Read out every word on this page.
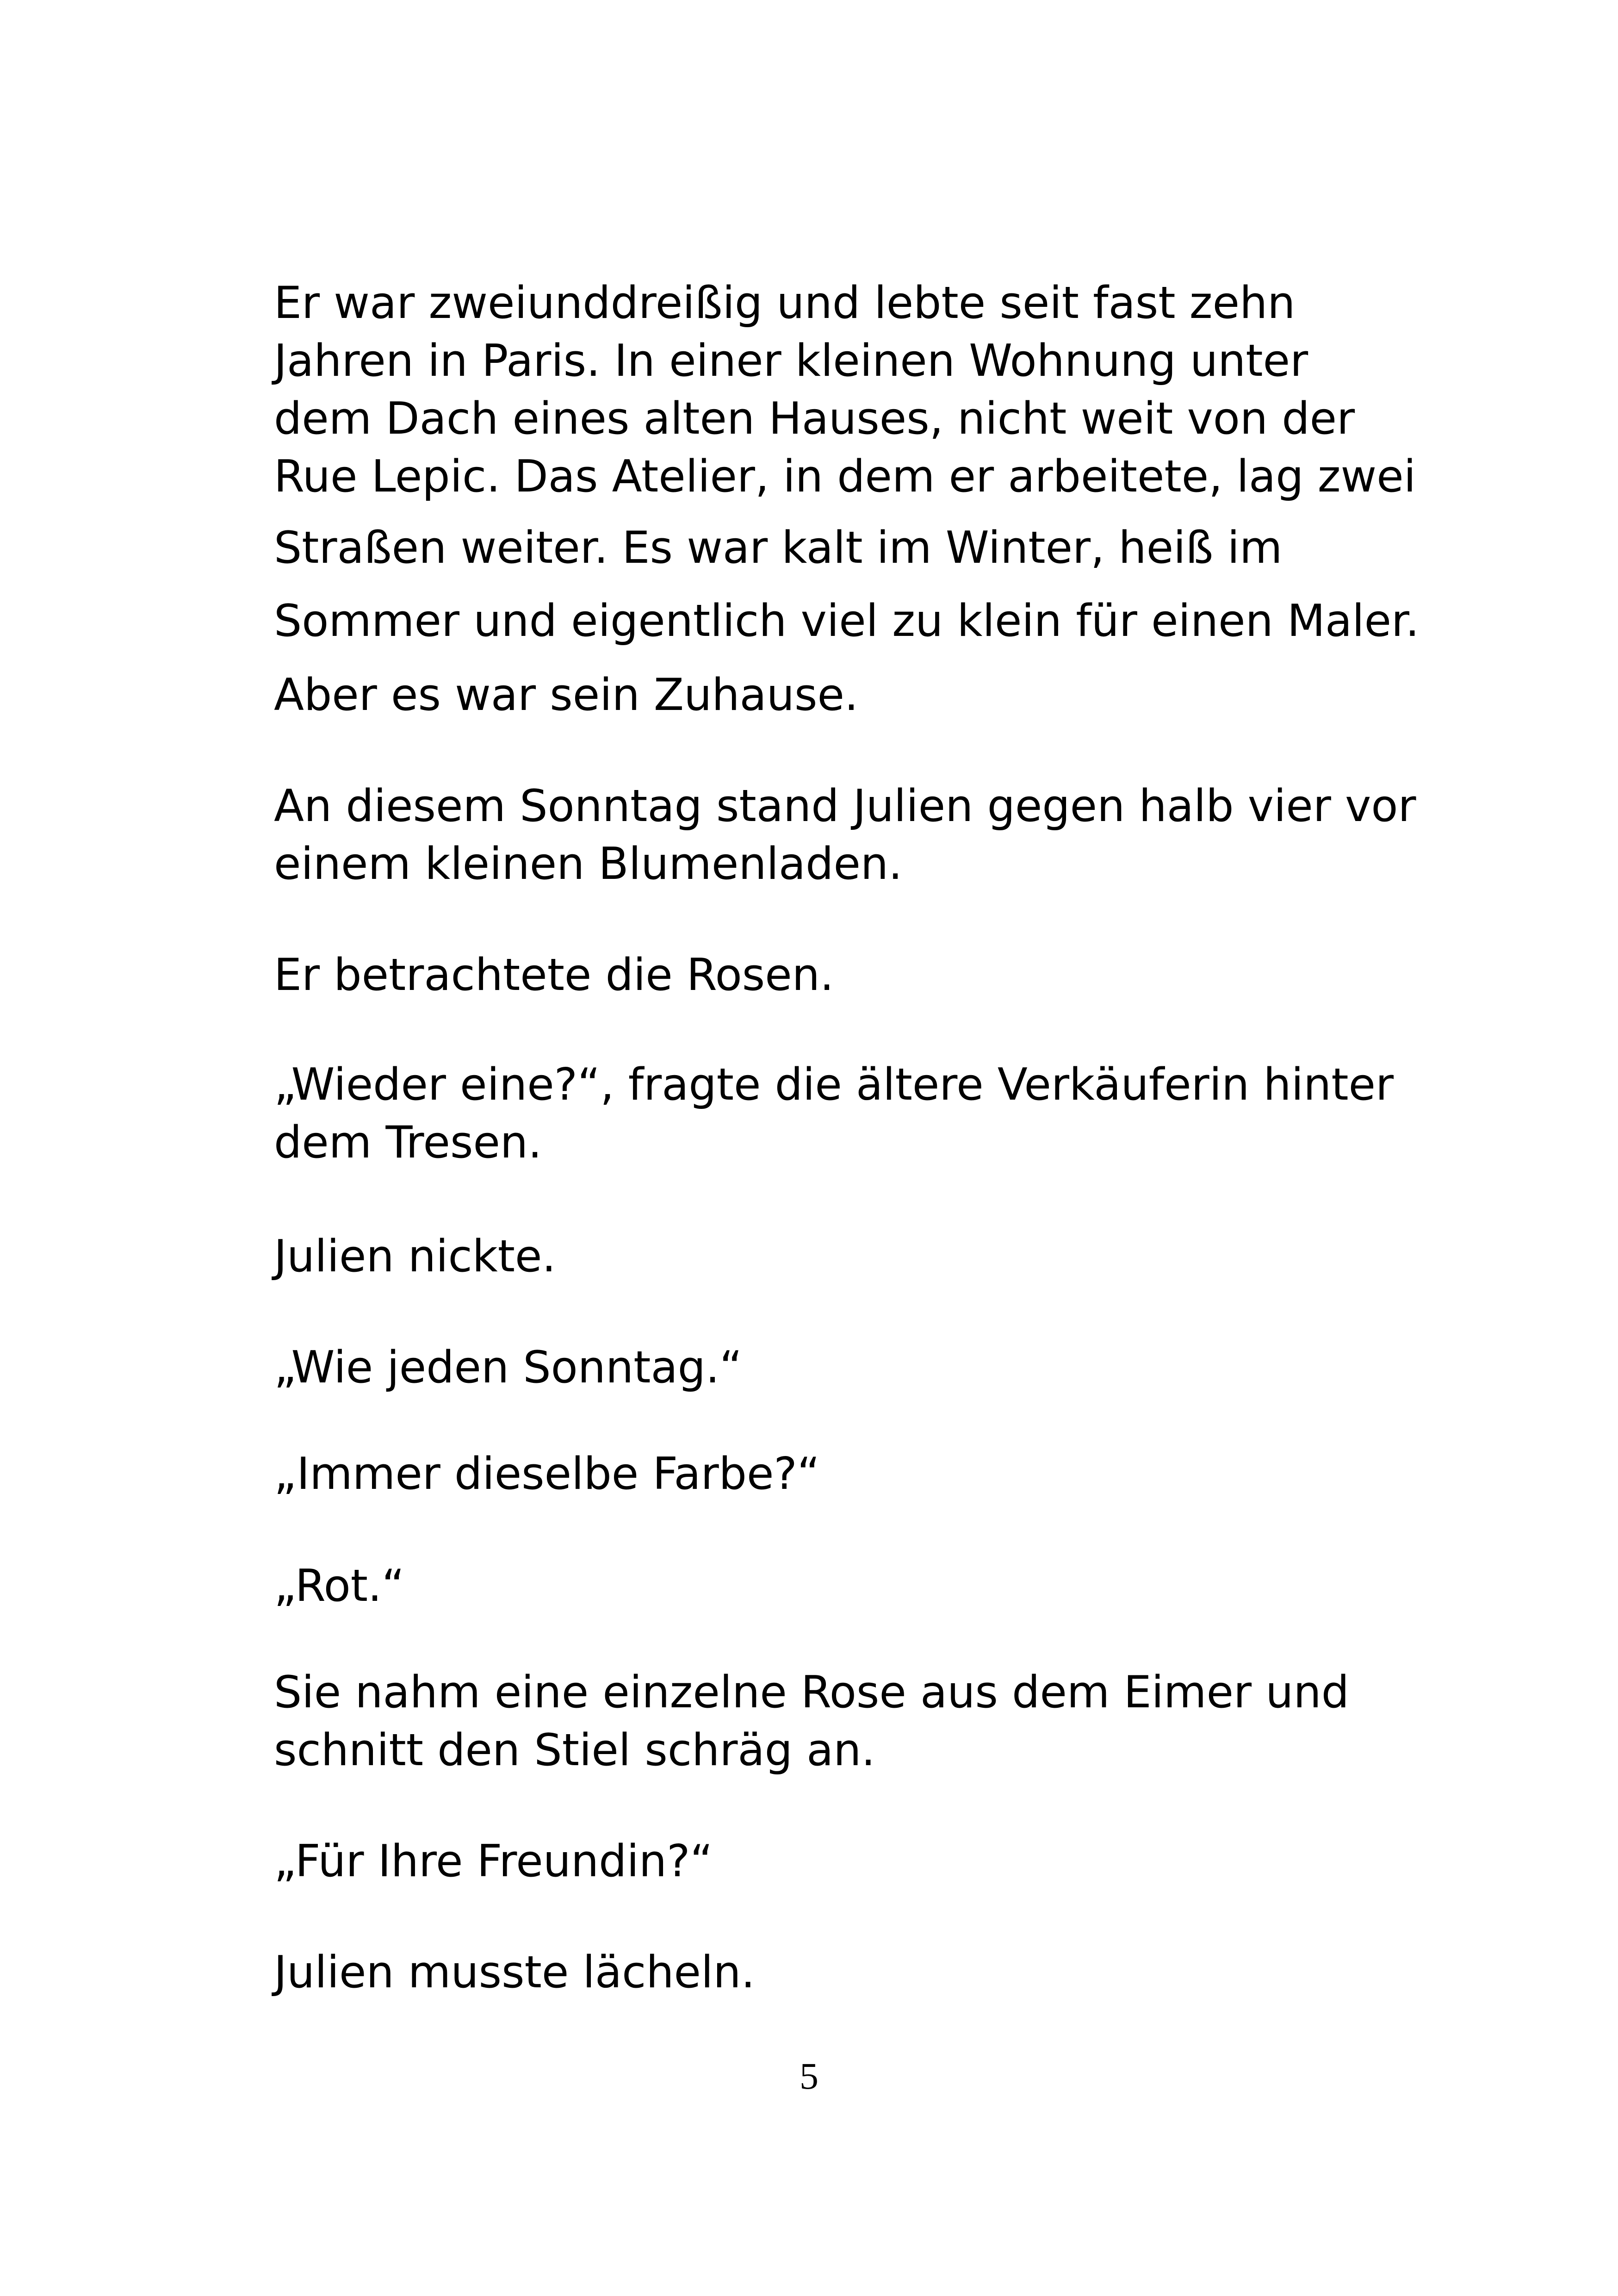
Er war zweiunddreißig und lebte seit fast zehn
Jahren in Paris. In einer kleinen Wohnung unter
dem Dach eines alten Hauses, nicht weit von der
Rue Lepic. Das Atelier, in dem er arbeitete, lag zwei
Straßen weiter. Es war kalt im Winter, heiß im
Sommer und eigentlich viel zu klein für einen Maler.
Aber es war sein Zuhause.
An diesem Sonntag stand Julien gegen halb vier vor
einem kleinen Blumenladen.
Er betrachtete die Rosen.
„Wieder eine?“, fragte die ältere Verkäuferin hinter
dem Tresen.
Julien nickte.
„Wie jeden Sonntag.“
„Immer dieselbe Farbe?“
„Rot.“
Sie nahm eine einzelne Rose aus dem Eimer und
schnitt den Stiel schräg an.
„Für Ihre Freundin?“
Julien musste lächeln.
5
